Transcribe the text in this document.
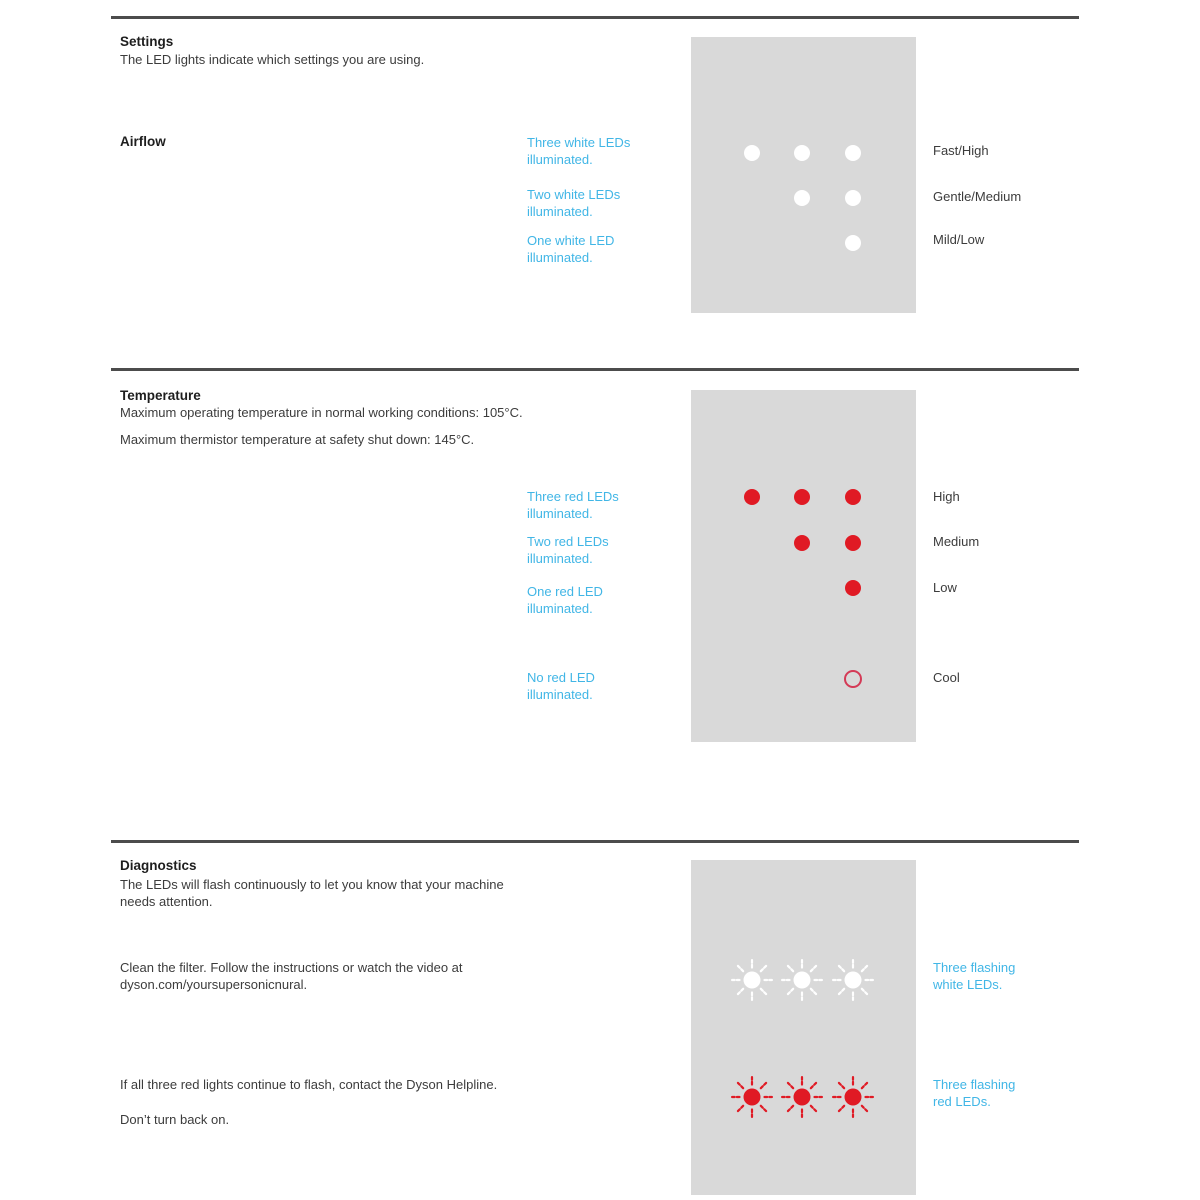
Settings
The LED lights indicate which settings you are using.
Airflow	Three white LEDs illuminated.
Two white LEDs illuminated.
One white LED illuminated.
Fast/High
Gentle/Medium
Mild/Low
Temperature
Maximum operating temperature in normal working conditions: 105°C.
Maximum thermistor temperature at safety shut down: 145°C.
Three red LEDs illuminated.
Two red LEDs illuminated.
One red LED illuminated.
No red LED illuminated.
High
Medium
Low
Cool
Diagnostics
The LEDs will flash continuously to let you know that your machine needs attention.
Clean the filter. Follow the instructions or watch the video at dyson.com/yoursupersonicnural.
If all three red lights continue to flash, contact the Dyson Helpline.
Don’t turn back on.
Three flashing white LEDs.
Three flashing red LEDs.
